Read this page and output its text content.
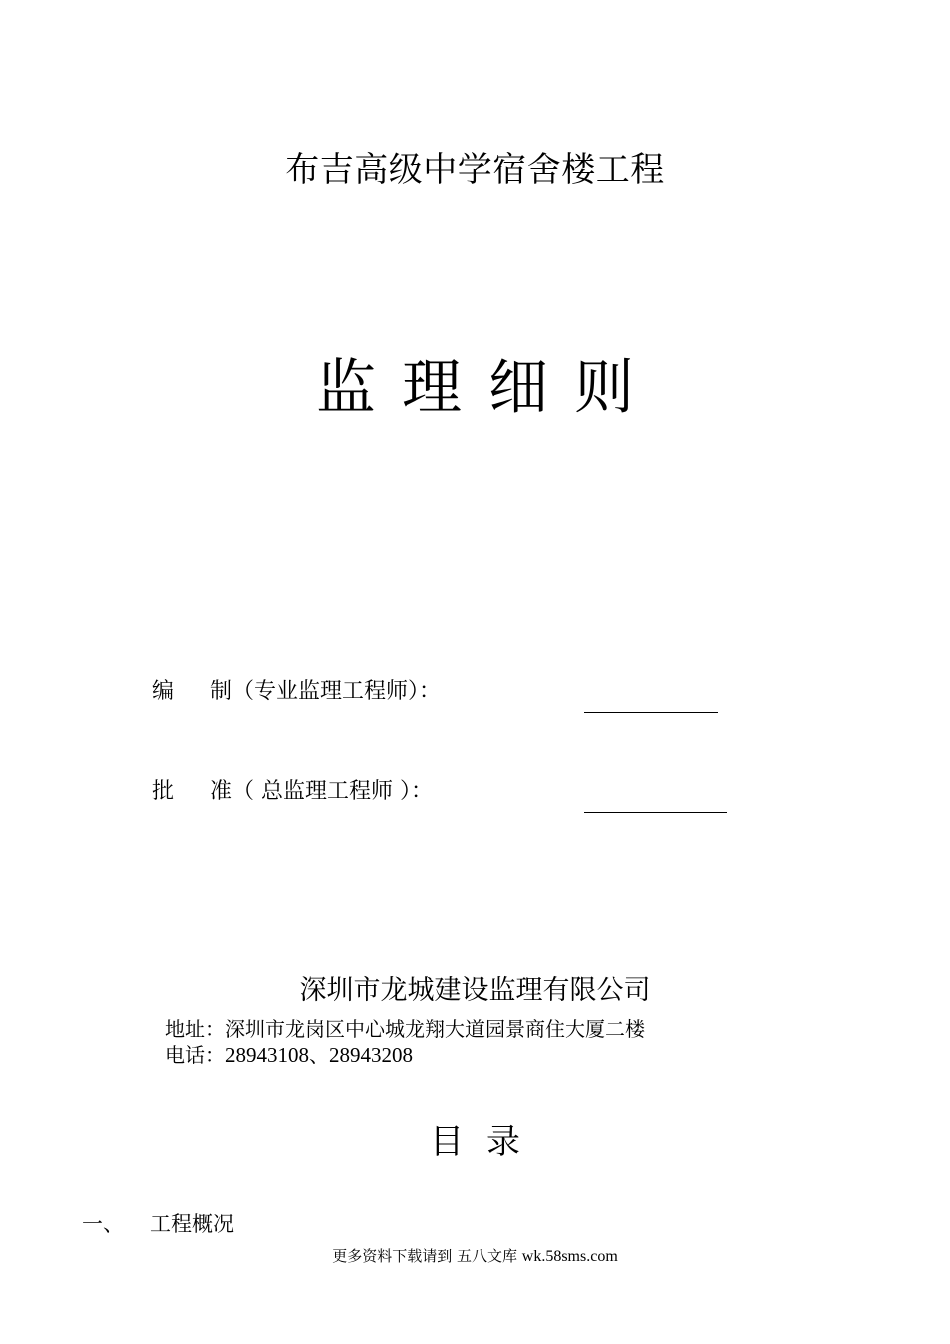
布吉高级中学宿舍楼工程
监理细则
编 制（专业监理工程师）：
批 准（ 总监理工程师 ）：
深圳市龙城建设监理有限公司
地址：深圳市龙岗区中心城龙翔大道园景商住大厦二楼
电话：28943108、28943208
目录
一、 工程概况
更多资料下载请到 五八文库 wk.58sms.com
